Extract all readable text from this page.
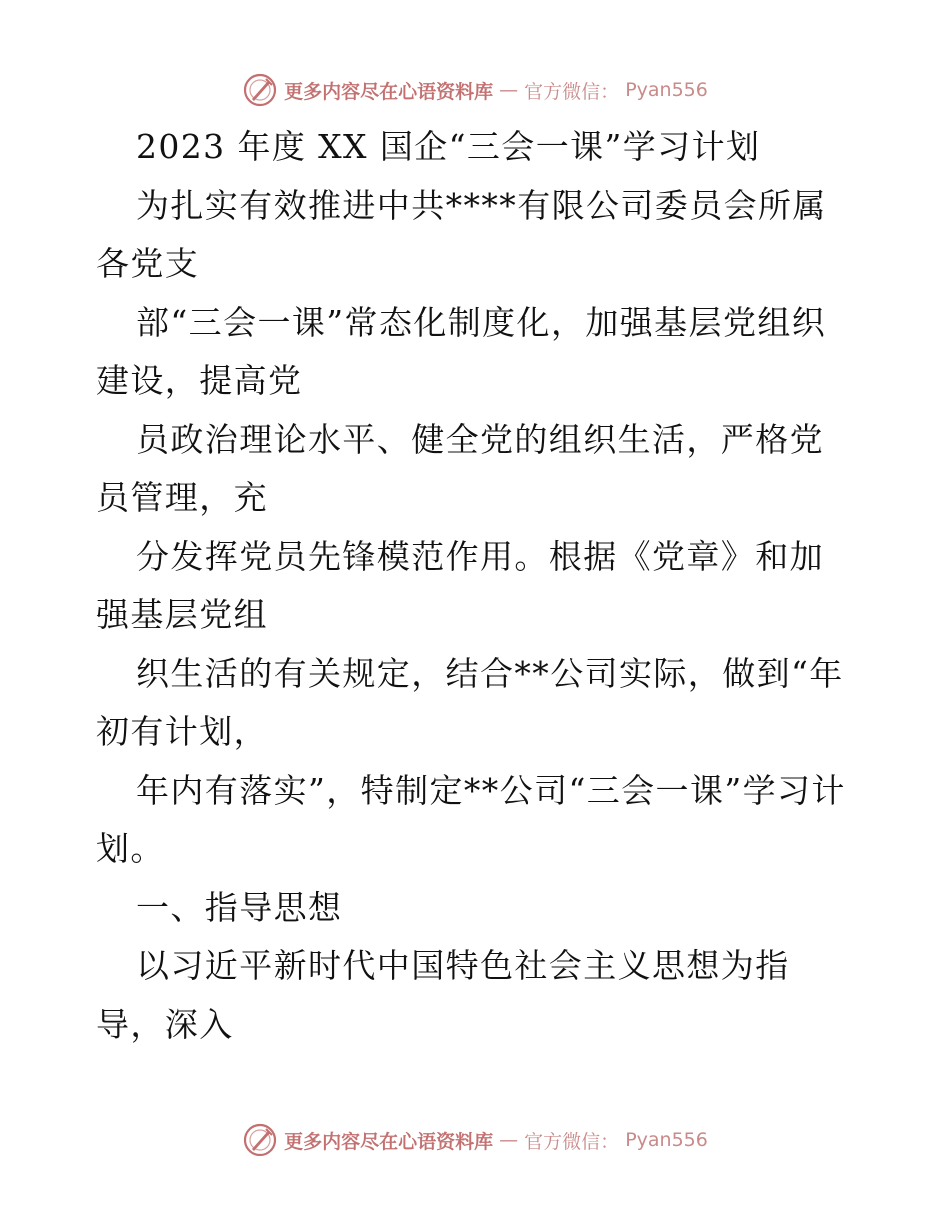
更多内容尽在心语资料库 — 官方微信： Pyan556

2023 年度 XX 国企“三会一课”学习计划

为扎实有效推进中共****有限公司委员会所属各党支

部“三会一课”常态化制度化，加强基层党组织建设，提高党

员政治理论水平、健全党的组织生活，严格党员管理，充

分发挥党员先锋模范作用。根据《党章》和加强基层党组

织生活的有关规定，结合**公司实际，做到“年初有计划，

年内有落实”，特制定**公司“三会一课”学习计划。

一、指导思想

以习近平新时代中国特色社会主义思想为指导，深入

更多内容尽在心语资料库 — 官方微信： Pyan556
